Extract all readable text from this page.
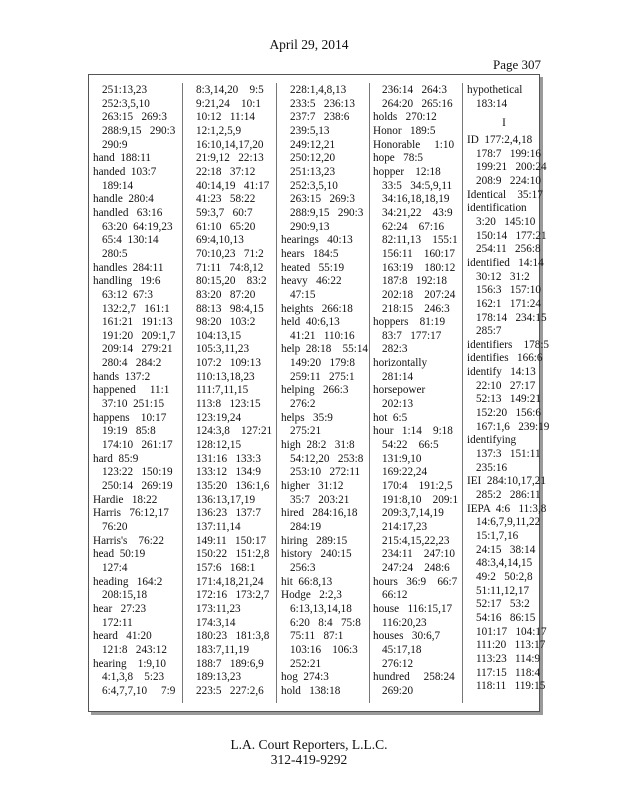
April 29, 2014
Page 307
251:13,23
252:3,5,10
263:15   269:3
288:9,15   290:3
290:9
hand  188:11
handed  103:7
189:14
handle  280:4
handled   63:16
63:20  64:19,23
65:4  130:14
280:5
handles  284:11
handling   19:6
63:12  67:3
132:2,7   161:1
161:21   191:13
191:20   209:1,7
209:14   279:21
280:4   284:2
hands  137:2
happened     11:1
37:10  251:15
happens    10:17
19:19   85:8
174:10   261:17
hard  85:9
123:22   150:19
250:14   269:19
Hardie   18:22
Harris   76:12,17
76:20
Harris's    76:22
head  50:19
127:4
heading   164:2
208:15,18
hear   27:23
172:11
heard   41:20
121:8   243:12
hearing    1:9,10
4:1,3,8    5:23
6:4,7,7,10     7:9
8:3,14,20    9:5
9:21,24    10:1
10:12   11:14
12:1,2,5,9
16:10,14,17,20
21:9,12   22:13
22:18   37:12
40:14,19   41:17
41:23   58:22
59:3,7   60:7
61:10   65:20
69:4,10,13
70:10,23   71:2
71:11   74:8,12
80:15,20    83:2
83:20   87:20
88:13   98:4,15
98:20   103:2
104:13,15
105:3,11,23
107:2   109:13
110:13,18,23
111:7,11,15
113:8   123:15
123:19,24
124:3,8    127:21
128:12,15
131:16   133:3
133:12   134:9
135:20   136:1,6
136:13,17,19
136:23   137:7
137:11,14
149:11   150:17
150:22   151:2,8
157:6   168:1
171:4,18,21,24
172:16   173:2,7
173:11,23
174:3,14
180:23   181:3,8
183:7,11,19
188:7   189:6,9
189:13,23
223:5   227:2,6
228:1,4,8,13
233:5   236:13
237:7   238:6
239:5,13
249:12,21
250:12,20
251:13,23
252:3,5,10
263:15   269:3
288:9,15   290:3
290:9,13
hearings   40:13
hears   184:5
heated   55:19
heavy   46:22
47:15
heights   266:18
held  40:6,13
41:21   110:16
help  28:18    55:14
149:20   179:8
259:11   275:1
helping   266:3
276:2
helps   35:9
275:21
high  28:2   31:8
54:12,20   253:8
253:10   272:11
higher   31:12
35:7   203:21
hired   284:16,18
284:19
hiring   289:15
history   240:15
256:3
hit  66:8,13
Hodge   2:2,3
6:13,13,14,18
6:20   8:4   75:8
75:11   87:1
103:16    106:3
252:21
hog  274:3
hold   138:18
236:14   264:3
264:20   265:16
holds   270:12
Honor   189:5
Honorable     1:10
hope   78:5
hopper    12:18
33:5   34:5,9,11
34:16,18,18,19
34:21,22    43:9
62:24    67:16
82:11,13    155:1
156:11    160:17
163:19    180:12
187:8   192:18
202:18    207:24
218:15    246:3
hoppers    81:19
83:7   177:17
282:3
horizontally
281:14
horsepower
202:13
hot  6:5
hour   1:14    9:18
54:22    66:5
131:9,10
169:22,24
170:4    191:2,5
191:8,10    209:1
209:3,7,14,19
214:17,23
215:4,15,22,23
234:11    247:10
247:24    248:6
hours   36:9    66:7
66:12
house   116:15,17
116:20,23
houses   30:6,7
45:17,18
276:12
hundred     258:24
269:20
hypothetical
183:14
I
ID  177:2,4,18
178:7   199:16
199:21   200:24
208:9   224:10
Identical    35:17
identification
3:20   145:10
150:14   177:21
254:11   256:8
identified   14:14
30:12   31:2
156:3   157:10
162:1   171:24
178:14   234:15
285:7
identifiers    178:5
identifies   166:6
identify   14:13
22:10   27:17
52:13   149:21
152:20   156:6
167:1,6   239:19
identifying
137:3   151:11
235:16
IEI  284:10,17,21
285:2   286:11
IEPA  4:6   11:3,8
14:6,7,9,11,22
15:1,7,16
24:15   38:14
48:3,4,14,15
49:2   50:2,8
51:11,12,17
52:17   53:2
54:16   86:15
101:17   104:17
111:20   113:17
113:23   114:9
117:15   118:4
118:11   119:15
L.A. Court Reporters, L.L.C.
312-419-9292
